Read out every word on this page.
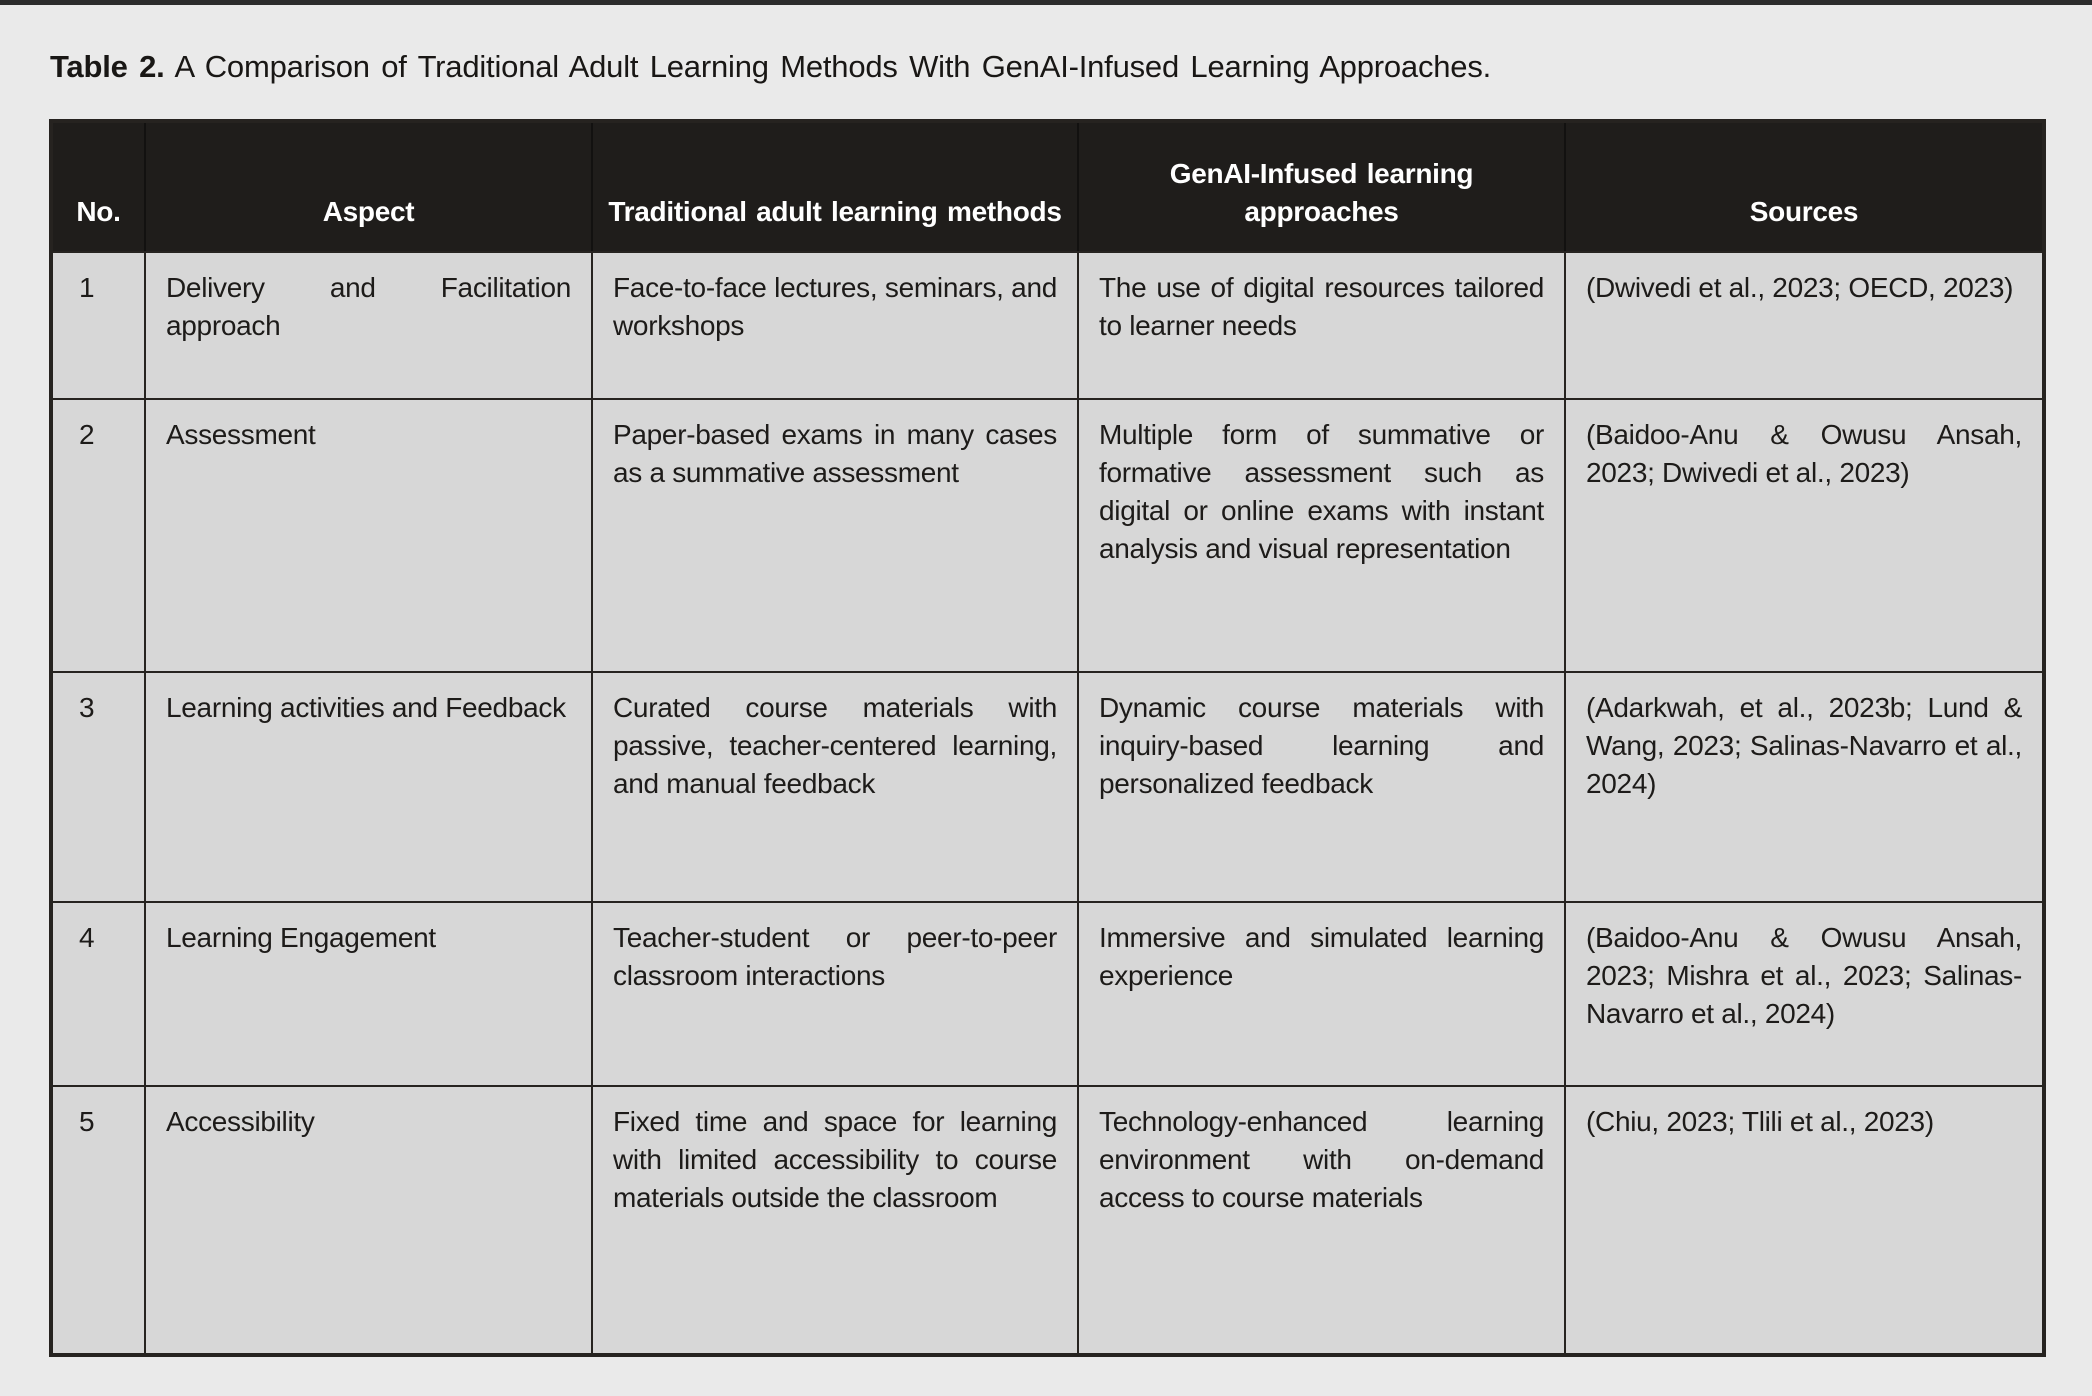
Table 2. A Comparison of Traditional Adult Learning Methods With GenAI-Infused Learning Approaches.
No.	Aspect	Traditional adult learning methods	GenAI-Infused learning approaches	Sources
1	Delivery and Facilitation approach	Face-to-face lectures, seminars, and workshops	The use of digital resources tailored to learner needs	(Dwivedi et al., 2023; OECD, 2023)
2	Assessment	Paper-based exams in many cases as a summative assessment	Multiple form of summative or formative assessment such as digital or online exams with instant analysis and visual representation	(Baidoo-Anu & Owusu Ansah, 2023; Dwivedi et al., 2023)
3	Learning activities and Feedback	Curated course materials with passive, teacher-centered learning, and manual feedback	Dynamic course materials with inquiry-based learning and personalized feedback	(Adarkwah, et al., 2023b; Lund & Wang, 2023; Salinas-Navarro et al., 2024)
4	Learning Engagement	Teacher-student or peer-to-peer classroom interactions	Immersive and simulated learning experience	(Baidoo-Anu & Owusu Ansah, 2023; Mishra et al., 2023; Salinas-Navarro et al., 2024)
5	Accessibility	Fixed time and space for learning with limited accessibility to course materials outside the classroom	Technology-enhanced learning environment with on-demand access to course materials	(Chiu, 2023; Tlili et al., 2023)
